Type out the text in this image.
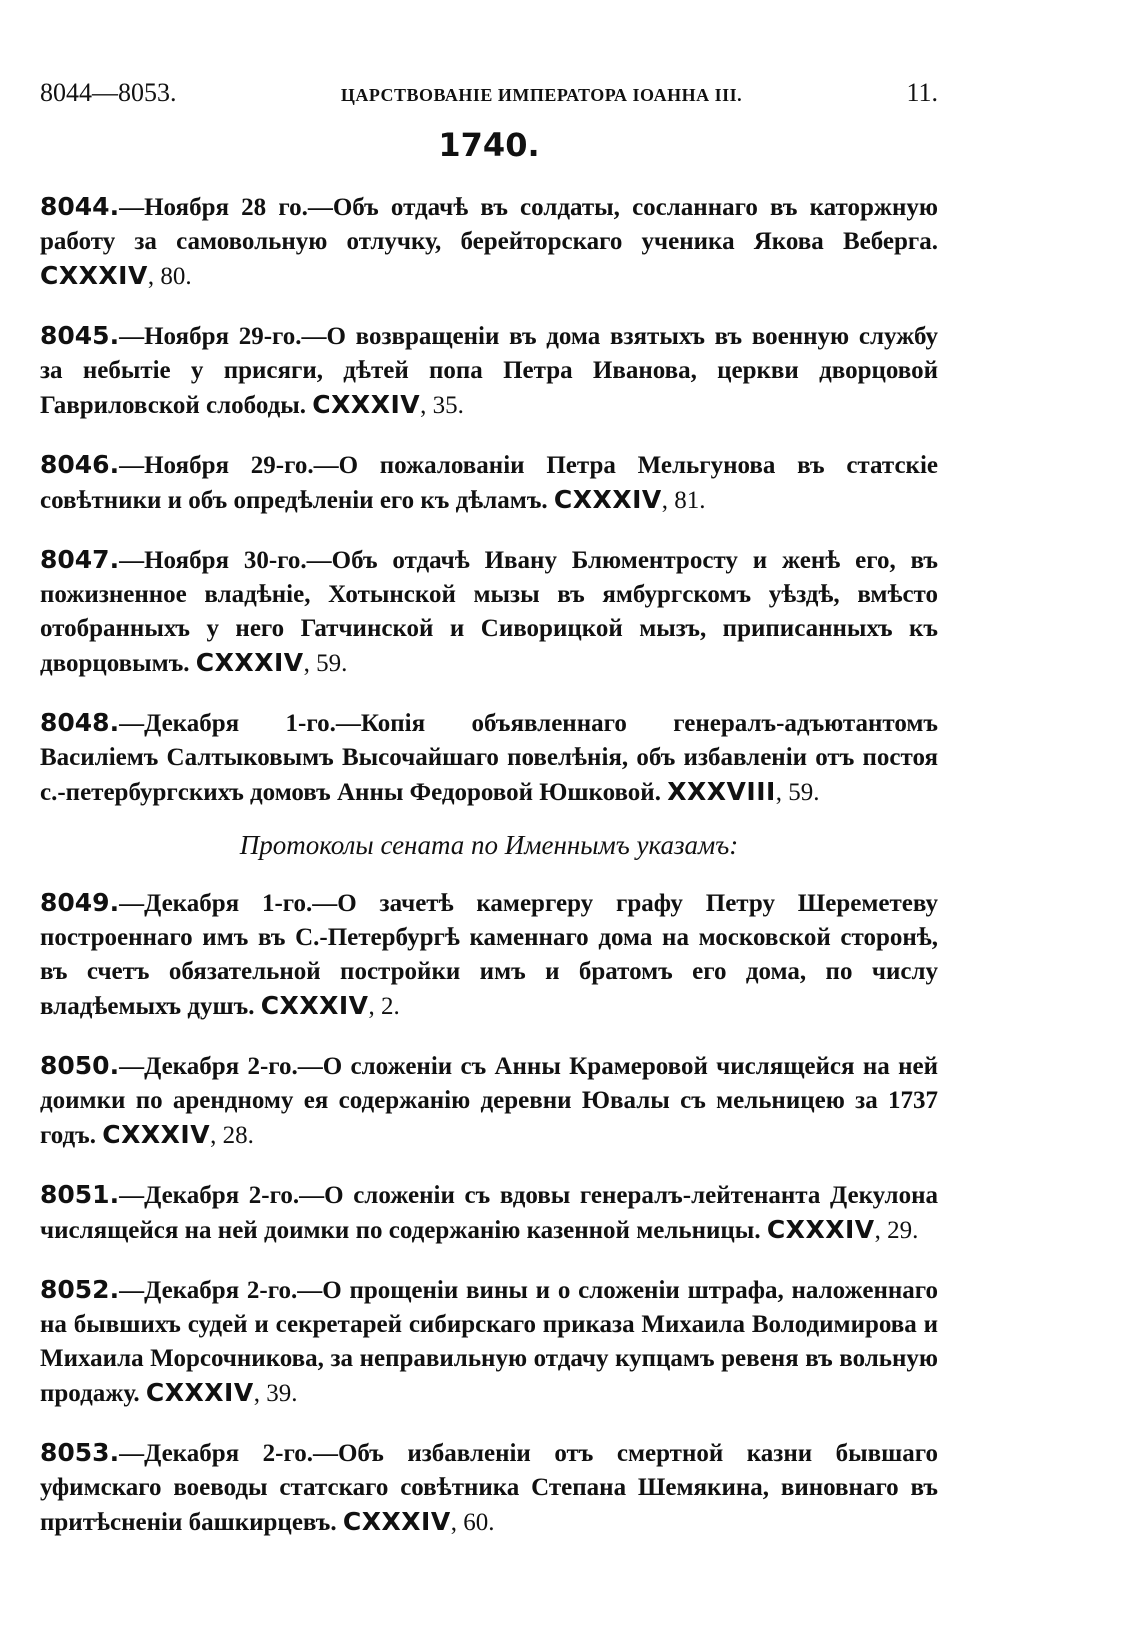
8044—8053.	ЦАРСТВОВАНІЕ ИМПЕРАТОРА ІОАННА III.	11.
1740.

8044.—Ноября 28 го.—Объ отдачѣ въ солдаты, сосланнаго въ каторжную работу за самовольную отлучку, берейторскаго ученика Якова Веберга. CXXXIV, 80.

8045.—Ноября 29-го.—О возвращеніи въ дома взятыхъ въ военную службу за небытіе у присяги, дѣтей попа Петра Иванова, церкви дворцовой Гавриловской слободы. CXXXIV, 35.

8046.—Ноября 29-го.—О пожалованіи Петра Мельгунова въ статскіе совѣтники и объ опредѣленіи его къ дѣламъ. CXXXIV, 81.

8047.—Ноября 30-го.—Объ отдачѣ Ивану Блюментросту и женѣ его, въ пожизненное владѣніе, Хотынской мызы въ ямбургскомъ уѣздѣ, вмѣсто отобранныхъ у него Гатчинской и Сиворицкой мызъ, приписанныхъ къ дворцовымъ. CXXXIV, 59.

8048.—Декабря 1-го.—Копія объявленнаго генералъ-адъютантомъ Василіемъ Салтыковымъ Высочайшаго повелѣнія, объ избавленіи отъ постоя с.-петербургскихъ домовъ Анны Федоровой Юшковой. XXXVIII, 59.

Протоколы сената по Именнымъ указамъ:

8049.—Декабря 1-го.—О зачетѣ камергеру графу Петру Шереметеву построеннаго имъ въ С.-Петербургѣ каменнаго дома на московской сторонѣ, въ счетъ обязательной постройки имъ и братомъ его дома, по числу владѣемыхъ душъ. CXXXIV, 2.

8050.—Декабря 2-го.—О сложеніи съ Анны Крамеровой числящейся на ней доимки по арендному ея содержанію деревни Ювалы съ мельницею за 1737 годъ. CXXXIV, 28.

8051.—Декабря 2-го.—О сложеніи съ вдовы генералъ-лейтенанта Декулона числящейся на ней доимки по содержанію казенной мельницы. CXXXIV, 29.

8052.—Декабря 2-го.—О прощеніи вины и о сложеніи штрафа, наложеннаго на бывшихъ судей и секретарей сибирскаго приказа Михаила Володимирова и Михаила Морсочникова, за неправильную отдачу купцамъ ревеня въ вольную продажу. CXXXIV, 39.

8053.—Декабря 2-го.—Объ избавленіи отъ смертной казни бывшаго уфимскаго воеводы статскаго совѣтника Степана Шемякина, виновнаго въ притѣсненіи башкирцевъ. CXXXIV, 60.
